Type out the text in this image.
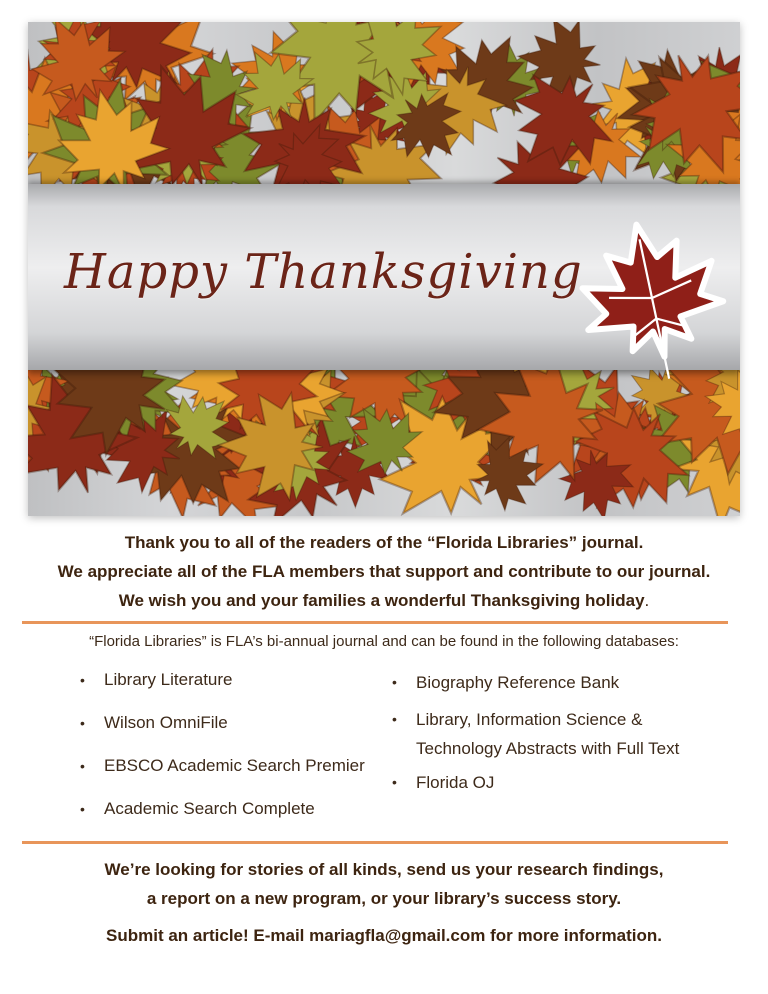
Happy Thanksgiving

Thank you to all of the readers of the “Florida Libraries” journal.

We appreciate all of the FLA members that support and contribute to our journal.

We wish you and your families a wonderful Thanksgiving holiday.

“Florida Libraries” is FLA’s bi-annual journal and can be found in the following databases:

• Library Literature
• Wilson OmniFile
• EBSCO Academic Search Premier
• Academic Search Complete
• Biography Reference Bank
• Library, Information Science & Technology Abstracts with Full Text
• Florida OJ

We’re looking for stories of all kinds, send us your research findings,

a report on a new program, or your library’s success story.

Submit an article! E-mail mariagfla@gmail.com for more information.
